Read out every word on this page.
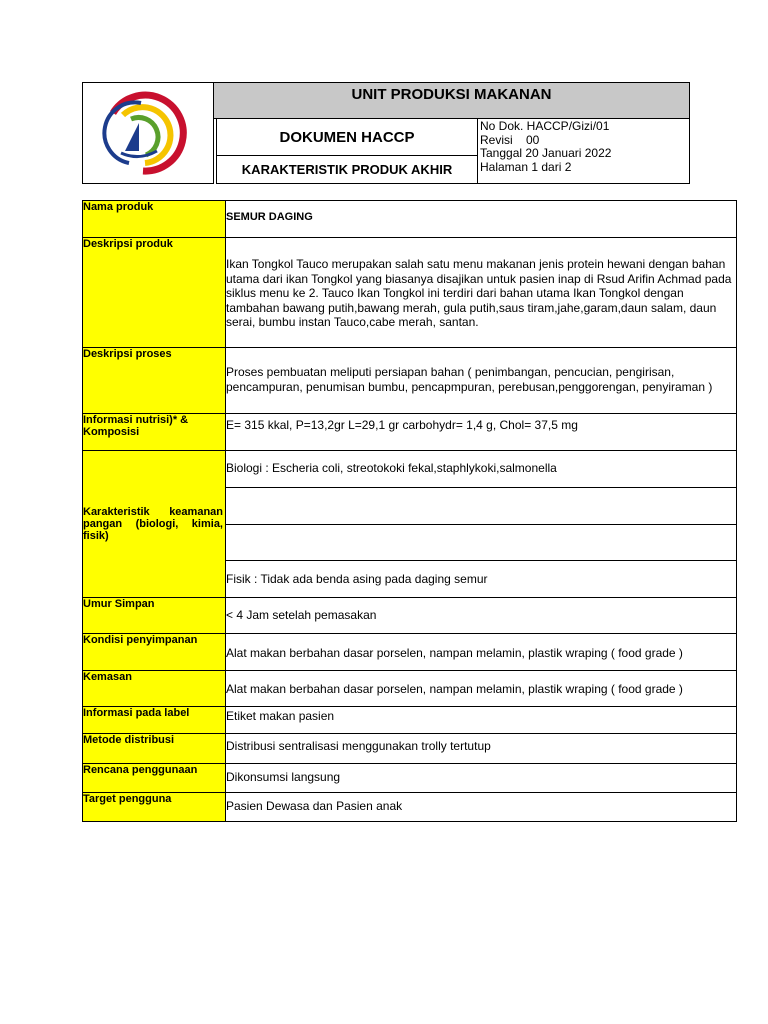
UNIT PRODUKSI MAKANAN
DOKUMEN HACCP
KARAKTERISTIK PRODUK AKHIR
No Dok. HACCP/Gizi/01
Revisi    00
Tanggal 20 Januari 2022
Halaman 1 dari 2
Nama produk	SEMUR DAGING

Deskripsi produk	Ikan Tongkol Tauco merupakan salah satu menu makanan jenis protein hewani dengan bahan utama dari ikan Tongkol yang biasanya disajikan untuk pasien inap di Rsud Arifin Achmad pada siklus menu ke 2. Tauco Ikan Tongkol ini terdiri dari bahan utama Ikan Tongkol dengan tambahan bawang putih,bawang merah, gula putih,saus tiram,jahe,garam,daun salam, daun serai, bumbu instan Tauco,cabe merah, santan.

Deskripsi proses	Proses pembuatan meliputi persiapan bahan ( penimbangan, pencucian, pengirisan, pencampuran, penumisan bumbu, pencapmpuran, perebusan,penggorengan, penyiraman )

Informasi nutrisi)* & Komposisi	E= 315 kkal, P=13,2gr L=29,1 gr carbohydr= 1,4 g, Chol= 37,5 mg

Karakteristik keamanan pangan (biologi, kimia, fisik)	Biologi : Escheria coli, streotokoki fekal,staphlykoki,salmonella

	Fisik : Tidak ada benda asing pada daging semur

Umur Simpan	< 4 Jam setelah pemasakan

Kondisi penyimpanan	Alat makan berbahan dasar porselen, nampan melamin, plastik wraping ( food grade )

Kemasan	Alat makan berbahan dasar porselen, nampan melamin, plastik wraping ( food grade )

Informasi pada label	Etiket makan pasien

Metode distribusi	Distribusi sentralisasi menggunakan trolly tertutup

Rencana penggunaan	Dikonsumsi langsung

Target pengguna	Pasien Dewasa dan Pasien anak
